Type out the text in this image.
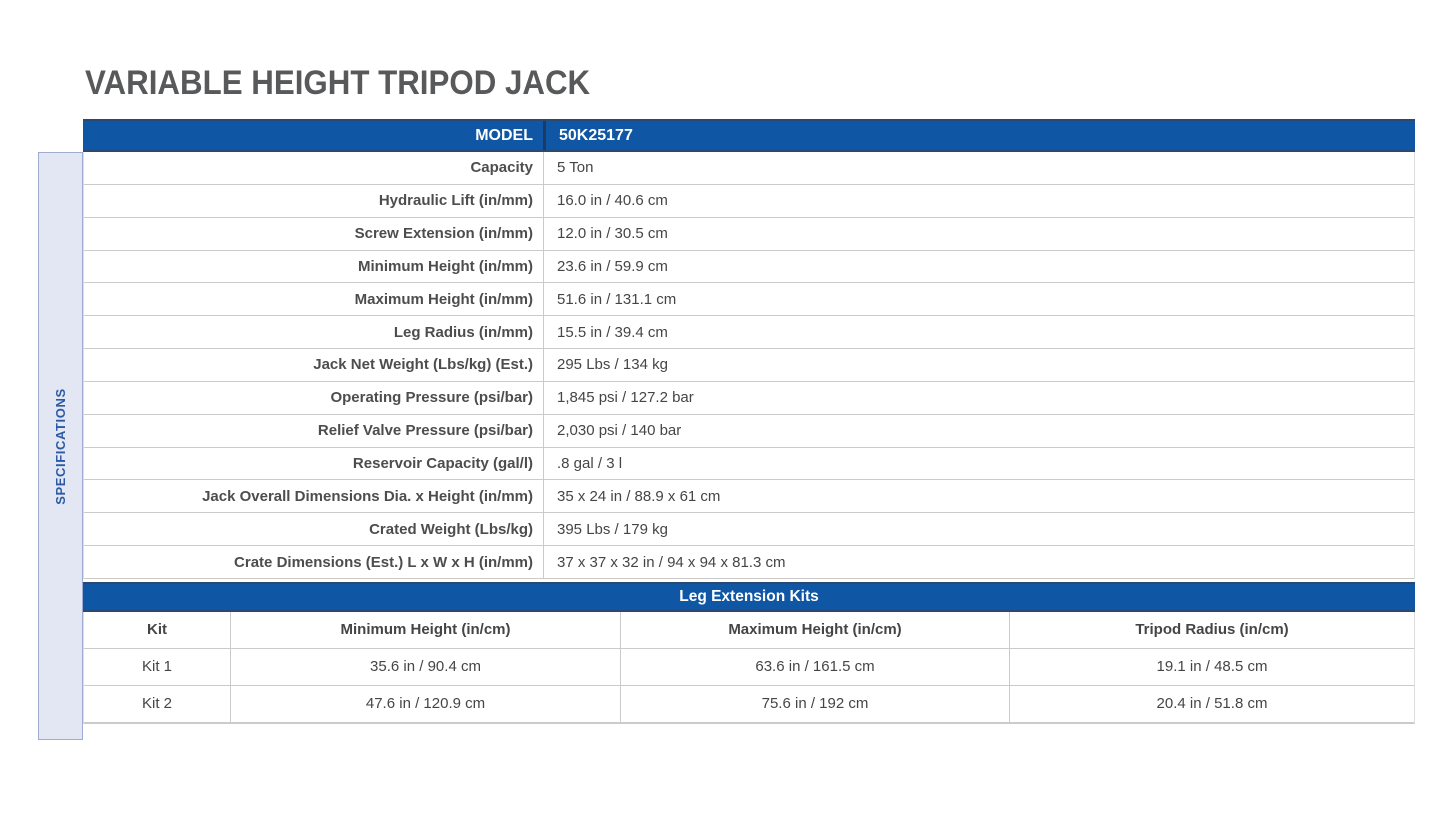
VARIABLE HEIGHT TRIPOD JACK
SPECIFICATIONS
MODEL	50K25177
Capacity	5 Ton
Hydraulic Lift (in/mm)	16.0 in / 40.6 cm
Screw Extension (in/mm)	12.0 in / 30.5 cm
Minimum Height (in/mm)	23.6 in / 59.9 cm
Maximum Height (in/mm)	51.6 in / 131.1 cm
Leg Radius (in/mm)	15.5 in / 39.4 cm
Jack Net Weight (Lbs/kg) (Est.)	295 Lbs / 134 kg
Operating Pressure (psi/bar)	1,845 psi / 127.2 bar
Relief Valve Pressure (psi/bar)	2,030 psi / 140 bar
Reservoir Capacity (gal/l)	.8 gal / 3 l
Jack Overall Dimensions Dia. x Height (in/mm)	35 x 24 in / 88.9 x 61 cm
Crated Weight (Lbs/kg)	395 Lbs / 179 kg
Crate Dimensions (Est.) L x W x H (in/mm)	37 x 37 x 32 in / 94 x 94 x 81.3 cm
Leg Extension Kits
Kit	Minimum Height (in/cm)	Maximum Height (in/cm)	Tripod Radius (in/cm)
Kit 1	35.6 in / 90.4 cm	63.6 in / 161.5 cm	19.1 in / 48.5 cm
Kit 2	47.6 in / 120.9 cm	75.6 in / 192 cm	20.4 in / 51.8 cm
